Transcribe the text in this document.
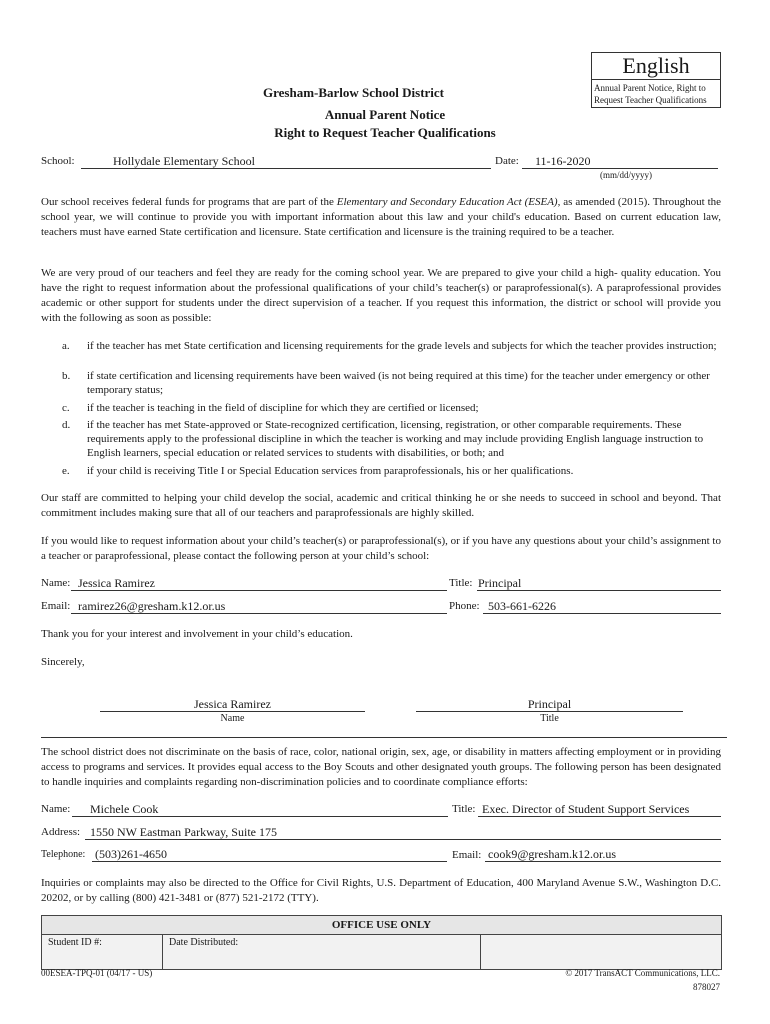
English
Annual Parent Notice, Right to Request Teacher Qualifications
Gresham-Barlow School District
Annual Parent Notice
Right to Request Teacher Qualifications
School:	Hollydale Elementary School	Date: 11-16-2020
(mm/dd/yyyy)
Our school receives federal funds for programs that are part of the Elementary and Secondary Education Act (ESEA), as amended (2015). Throughout the school year, we will continue to provide you with important information about this law and your child's education. Based on current education law, teachers must have earned State certification and licensure. State certification and licensure is the training required to be a teacher.
We are very proud of our teachers and feel they are ready for the coming school year. We are prepared to give your child a high- quality education. You have the right to request information about the professional qualifications of your child’s teacher(s) or paraprofessional(s). A paraprofessional provides academic or other support for students under the direct supervision of a teacher. If you request this information, the district or school will provide you with the following as soon as possible:
a. if the teacher has met State certification and licensing requirements for the grade levels and subjects for which the teacher provides instruction;
b. if state certification and licensing requirements have been waived (is not being required at this time) for the teacher under emergency or other temporary status;
c. if the teacher is teaching in the field of discipline for which they are certified or licensed;
d. if the teacher has met State-approved or State-recognized certification, licensing, registration, or other comparable requirements. These requirements apply to the professional discipline in which the teacher is working and may include providing English language instruction to English learners, special education or related services to students with disabilities, or both; and
e. if your child is receiving Title I or Special Education services from paraprofessionals, his or her qualifications.
Our staff are committed to helping your child develop the social, academic and critical thinking he or she needs to succeed in school and beyond. That commitment includes making sure that all of our teachers and paraprofessionals are highly skilled.
If you would like to request information about your child’s teacher(s) or paraprofessional(s), or if you have any questions about your child’s assignment to a teacher or paraprofessional, please contact the following person at your child’s school:
Name: Jessica Ramirez	Title: Principal
Email: ramirez26@gresham.k12.or.us	Phone: 503-661-6226
Thank you for your interest and involvement in your child’s education.
Sincerely,
Jessica Ramirez
Name
Principal
Title
The school district does not discriminate on the basis of race, color, national origin, sex, age, or disability in matters affecting employment or in providing access to programs and services. It provides equal access to the Boy Scouts and other designated youth groups. The following person has been designated to handle inquiries and complaints regarding non-discrimination policies and to coordinate compliance efforts:
Name: Michele Cook	Title: Exec. Director of Student Support Services
Address: 1550 NW Eastman Parkway, Suite 175
Telephone: (503)261-4650	Email: cook9@gresham.k12.or.us
Inquiries or complaints may also be directed to the Office for Civil Rights, U.S. Department of Education, 400 Maryland Avenue S.W., Washington D.C. 20202, or by calling (800) 421-3481 or (877) 521-2172 (TTY).
OFFICE USE ONLY
Student ID #:	Date Distributed:	
00ESEA-TPQ-01 (04/17 - US)	© 2017 TransACT Communications, LLC.
878027
